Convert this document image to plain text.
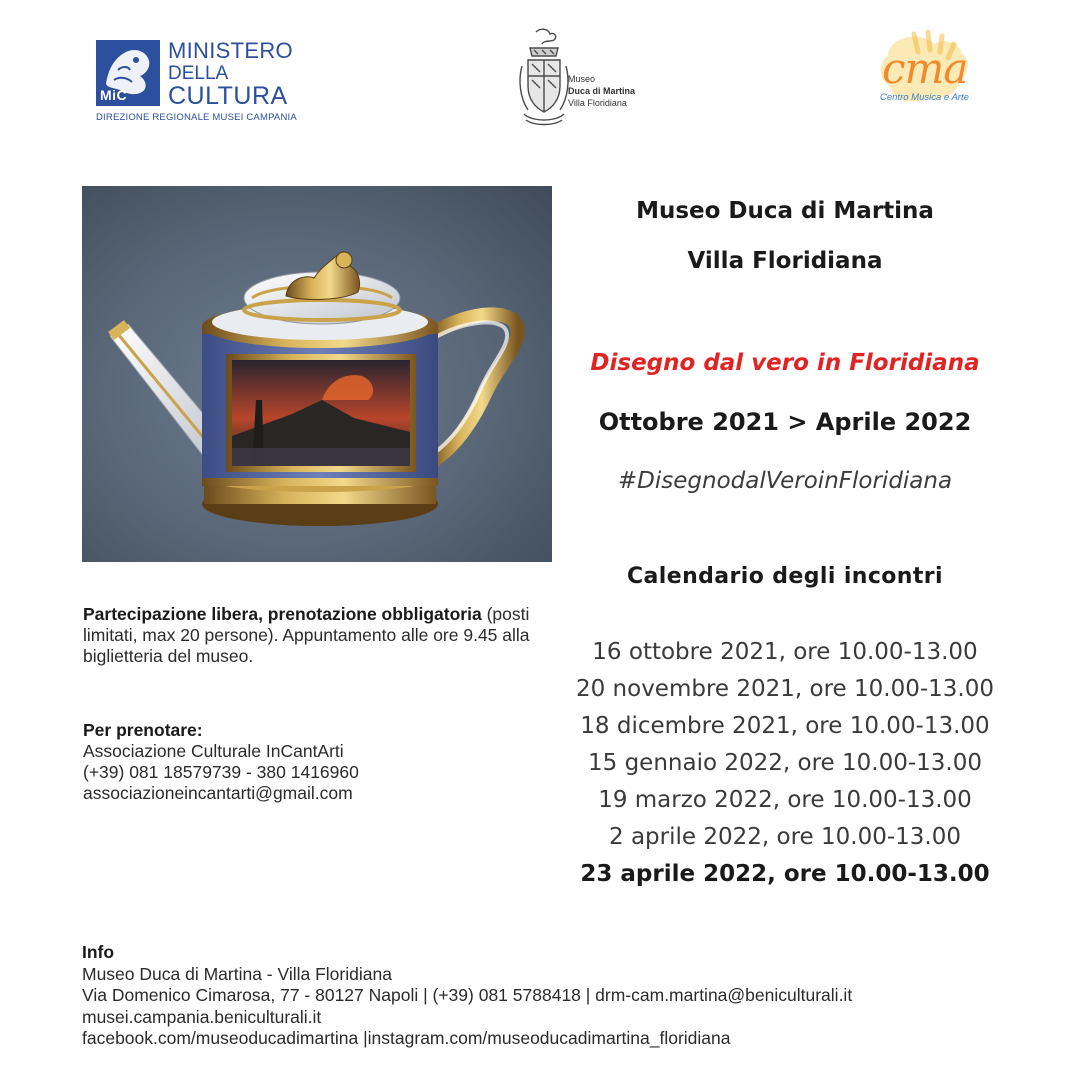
MiC
MINISTERO
DELLA
CULTURA
DIREZIONE REGIONALE MUSEI CAMPANIA
Museo
Duca di Martina
Villa Floridiana
cma
Centro Musica e Arte
Museo Duca di Martina
Villa Floridiana
Disegno dal vero in Floridiana
Ottobre 2021 > Aprile 2022
#DisegnodalVeroinFloridiana
Calendario degli incontri
16 ottobre 2021, ore 10.00-13.00
20 novembre 2021, ore 10.00-13.00
18 dicembre 2021, ore 10.00-13.00
15 gennaio 2022, ore 10.00-13.00
19 marzo 2022, ore 10.00-13.00
2 aprile 2022, ore 10.00-13.00
23 aprile 2022, ore 10.00-13.00
Partecipazione libera, prenotazione obbligatoria (posti limitati, max 20 persone). Appuntamento alle ore 9.45 alla biglietteria del museo.
Per prenotare:
Associazione Culturale InCantArti
(+39) 081 18579739 - 380 1416960
associazioneincantarti@gmail.com
Info
Museo Duca di Martina - Villa Floridiana
Via Domenico Cimarosa, 77 - 80127 Napoli | (+39) 081 5788418 | drm-cam.martina@beniculturali.it
musei.campania.beniculturali.it
facebook.com/museoducadimartina |instagram.com/museoducadimartina_floridiana
